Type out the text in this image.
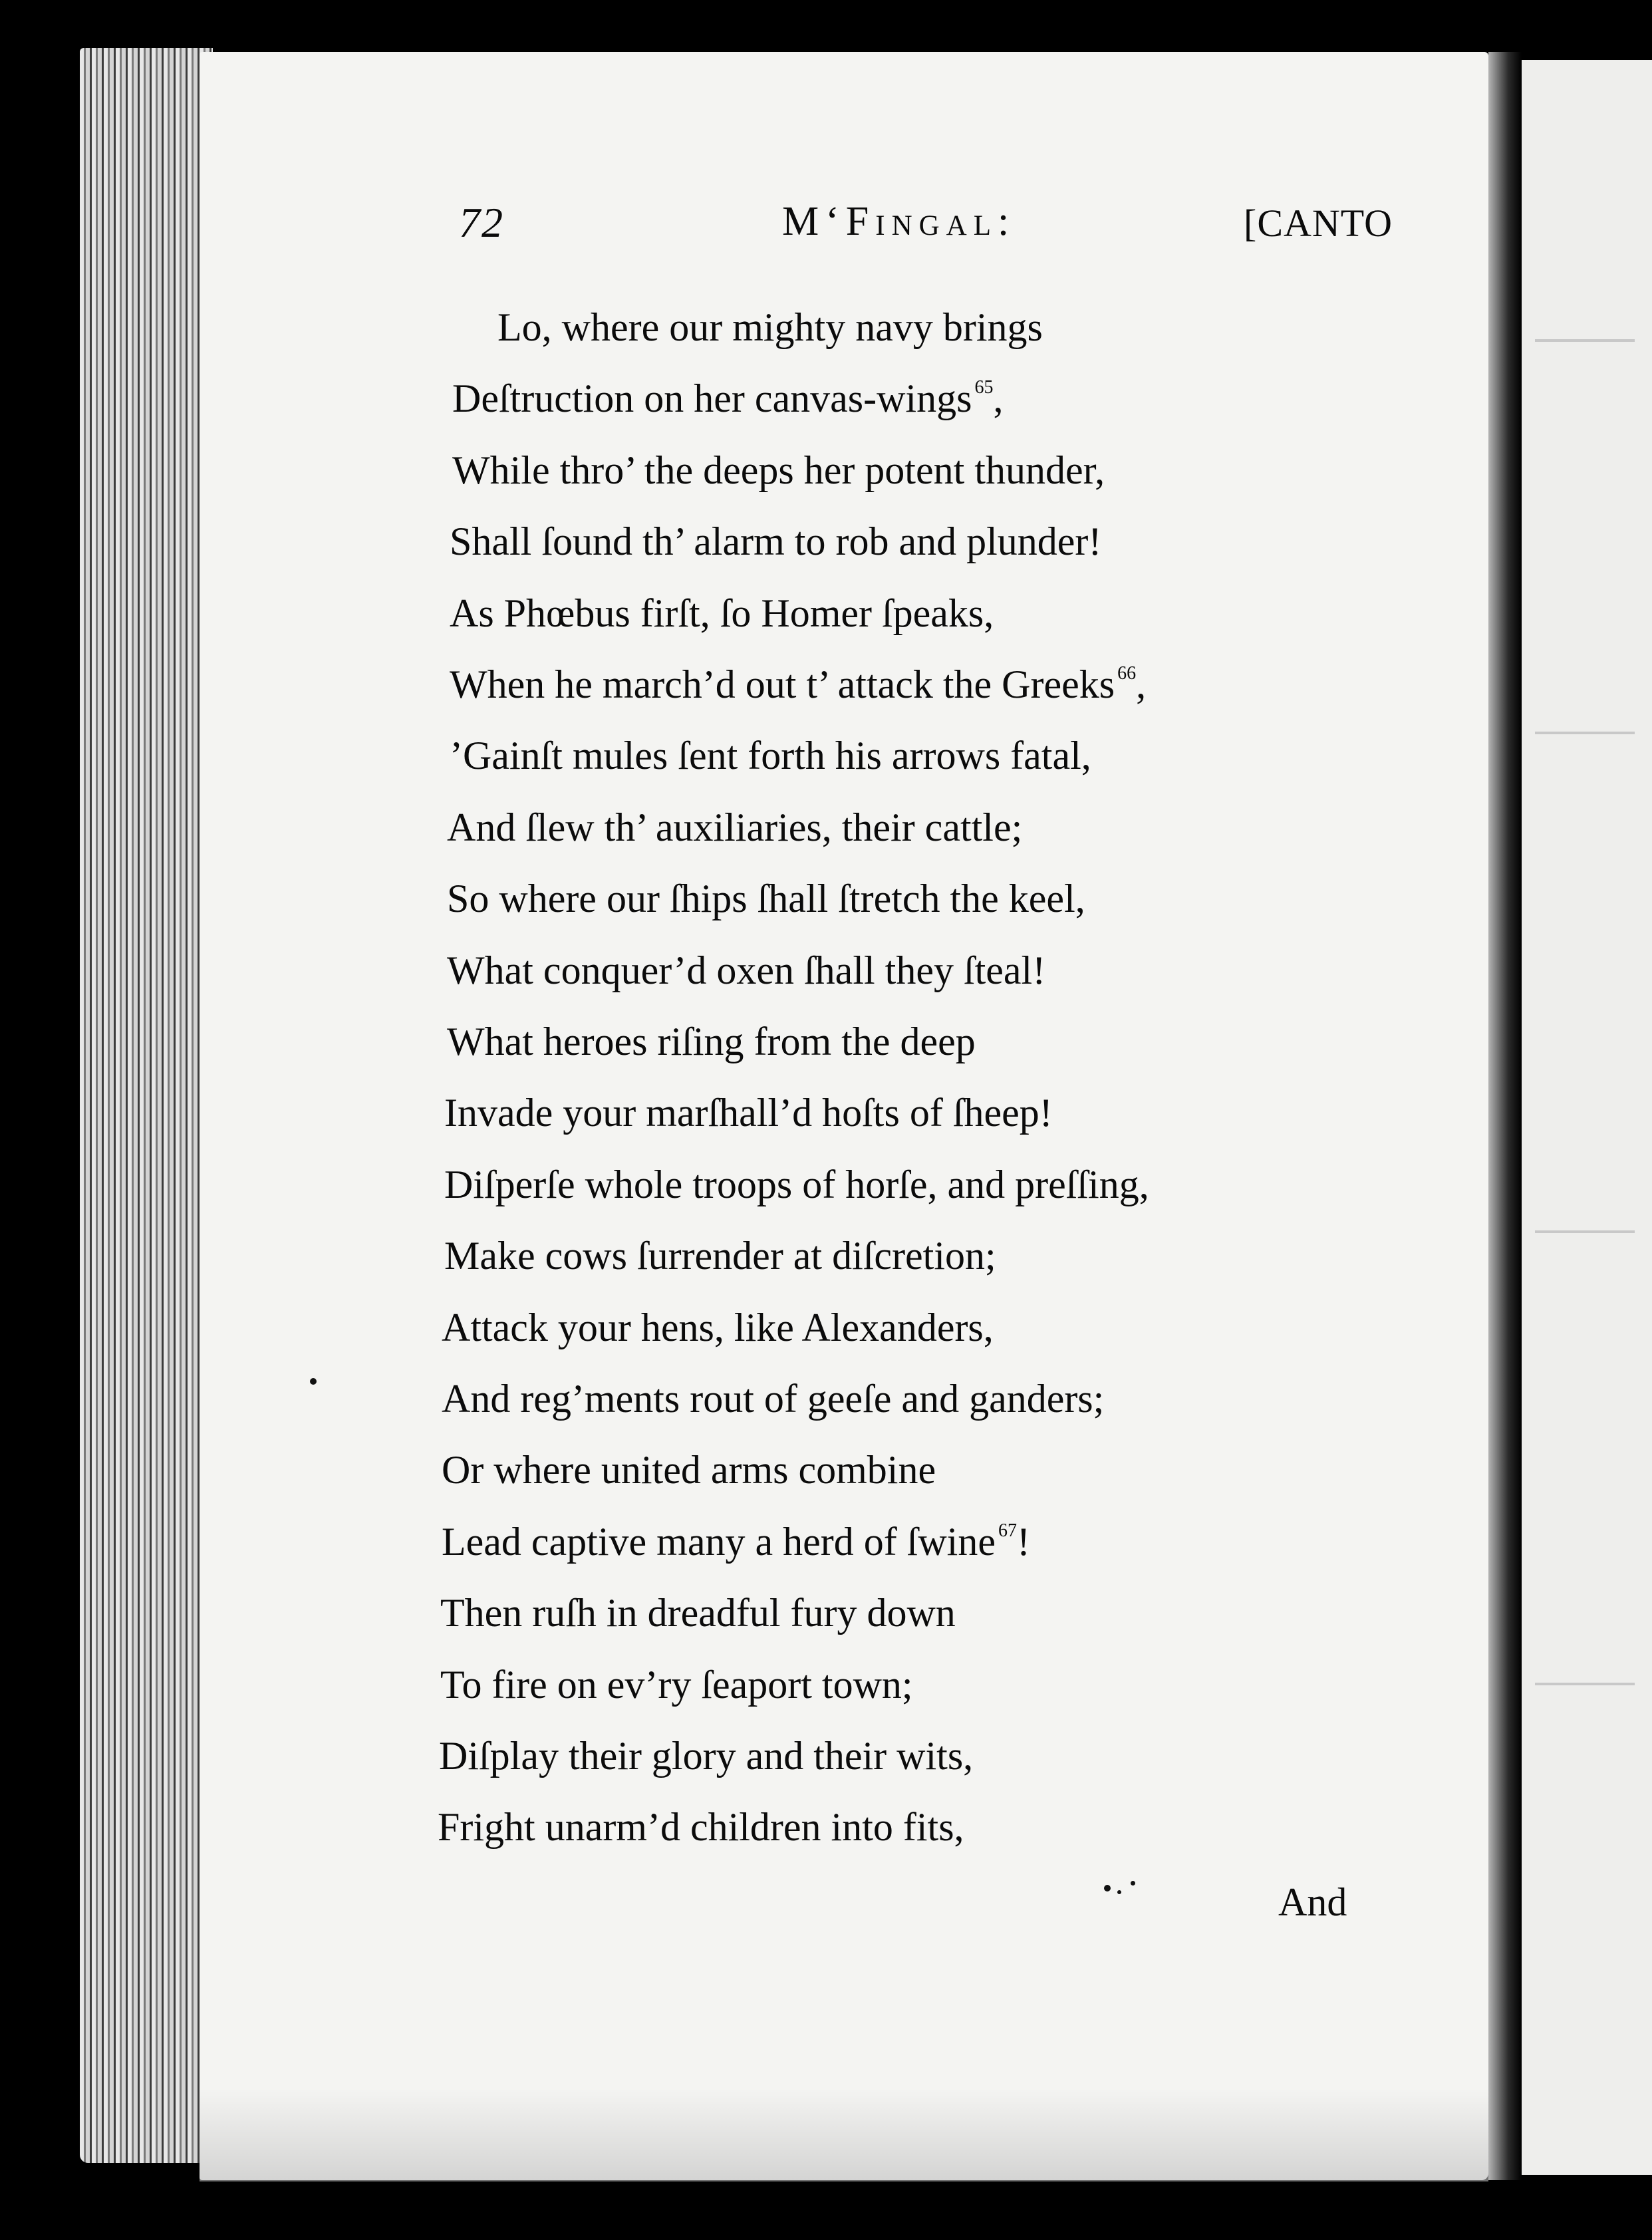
72	M‘Fingal:	[CANTO
Lo, where our mighty navy brings
Deſtruction on her canvas-wings $^{65}$,
While thro’ the deeps her potent thunder,
Shall ſound th’ alarm to rob and plunder!
As Phœbus firſt, ſo Homer ſpeaks,
When he march’d out t’ attack the Greeks $^{66}$,
’Gainſt mules ſent forth his arrows fatal,
And ſlew th’ auxiliaries, their cattle;
So where our ſhips ſhall ſtretch the keel,
What conquer’d oxen ſhall they ſteal!
What heroes riſing from the deep
Invade your marſhall’d hoſts of ſheep!
Diſperſe whole troops of horſe, and preſſing,
Make cows ſurrender at diſcretion;
Attack your hens, like Alexanders,
And reg’ments rout of geeſe and ganders;
Or where united arms combine
Lead captive many a herd of ſwine $^{67}$!
Then ruſh in dreadful fury down
To fire on ev’ry ſeaport town;
Diſplay their glory and their wits,
Fright unarm’d children into fits,
And
